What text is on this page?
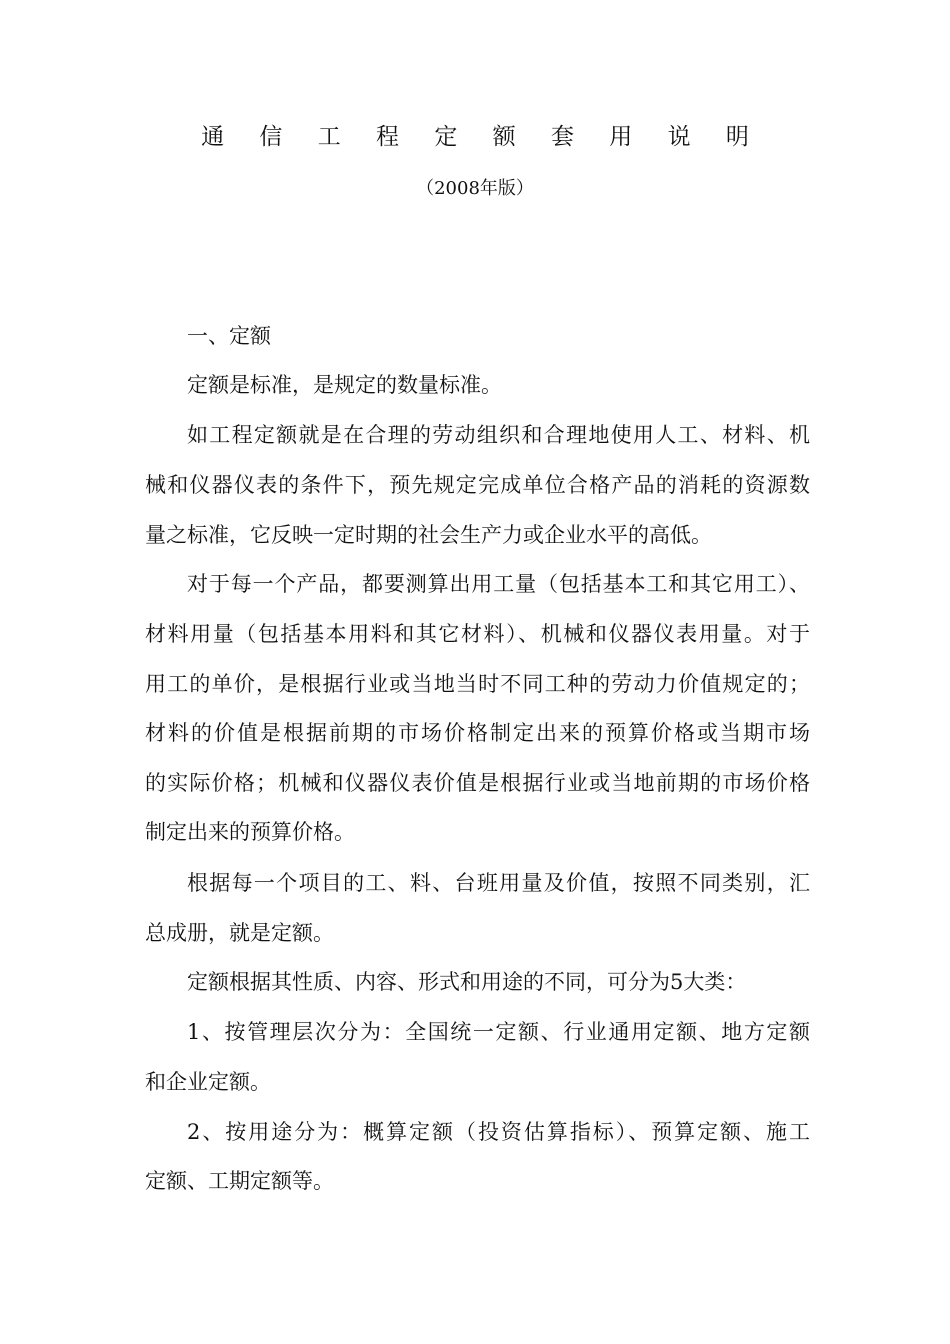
通 信 工 程 定 额 套 用 说 明
（2008年版）
一、定额
定额是标准，是规定的数量标准。
如工程定额就是在合理的劳动组织和合理地使用人工、材料、机
械和仪器仪表的条件下，预先规定完成单位合格产品的消耗的资源数
量之标准，它反映一定时期的社会生产力或企业水平的高低。
对于每一个产品，都要测算出用工量（包括基本工和其它用工）、
材料用量（包括基本用料和其它材料）、机械和仪器仪表用量。对于
用工的单价，是根据行业或当地当时不同工种的劳动力价值规定的；
材料的价值是根据前期的市场价格制定出来的预算价格或当期市场
的实际价格；机械和仪器仪表价值是根据行业或当地前期的市场价格
制定出来的预算价格。
根据每一个项目的工、料、台班用量及价值，按照不同类别，汇
总成册，就是定额。
定额根据其性质、内容、形式和用途的不同，可分为5大类：
1、按管理层次分为：全国统一定额、行业通用定额、地方定额
和企业定额。
2、按用途分为：概算定额（投资估算指标）、预算定额、施工
定额、工期定额等。
